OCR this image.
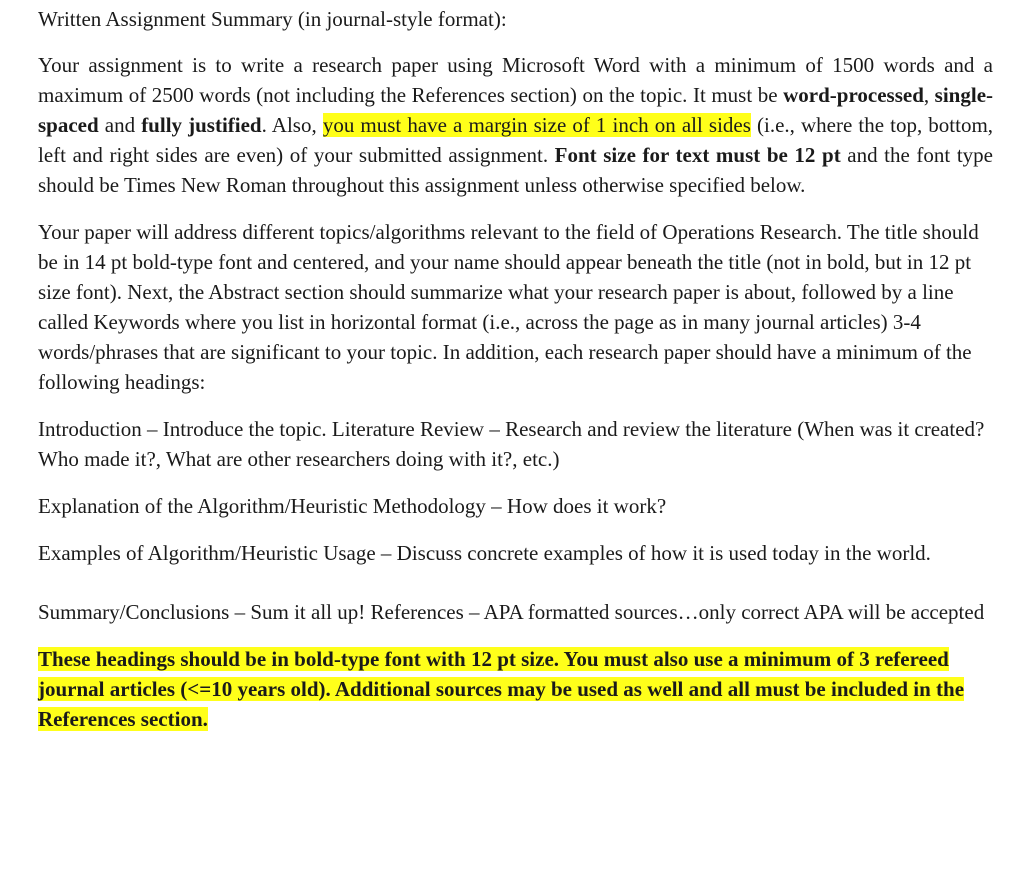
Written Assignment Summary (in journal-style format):

Your assignment is to write a research paper using Microsoft Word with a minimum of 1500 words and a maximum of 2500 words (not including the References section) on the topic. It must be word-processed, single-spaced and fully justified. Also, you must have a margin size of 1 inch on all sides (i.e., where the top, bottom, left and right sides are even) of your submitted assignment. Font size for text must be 12 pt and the font type should be Times New Roman throughout this assignment unless otherwise specified below.

Your paper will address different topics/algorithms relevant to the field of Operations Research. The title should be in 14 pt bold-type font and centered, and your name should appear beneath the title (not in bold, but in 12 pt size font). Next, the Abstract section should summarize what your research paper is about, followed by a line called Keywords where you list in horizontal format (i.e., across the page as in many journal articles) 3-4 words/phrases that are significant to your topic. In addition, each research paper should have a minimum of the following headings:

Introduction – Introduce the topic. Literature Review – Research and review the literature (When was it created? Who made it?, What are other researchers doing with it?, etc.)

Explanation of the Algorithm/Heuristic Methodology – How does it work?

Examples of Algorithm/Heuristic Usage – Discuss concrete examples of how it is used today in the world.

Summary/Conclusions – Sum it all up! References – APA formatted sources…only correct APA will be accepted

These headings should be in bold-type font with 12 pt size. You must also use a minimum of 3 refereed journal articles (<=10 years old). Additional sources may be used as well and all must be included in the References section.
